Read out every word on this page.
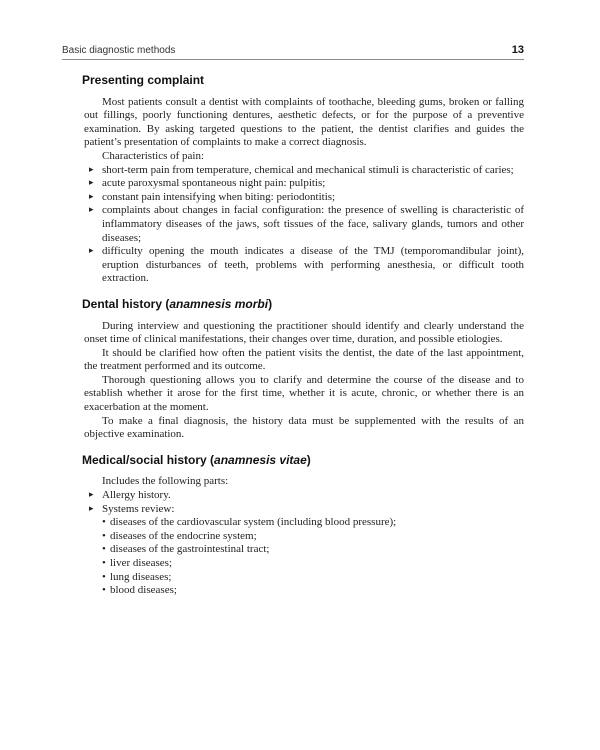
Basic diagnostic methods	13
Presenting complaint

Most patients consult a dentist with complaints of toothache, bleeding gums, broken or falling out fillings, poorly functioning dentures, aesthetic defects, or for the purpose of a preventive examination. By asking targeted questions to the patient, the dentist clarifies and guides the patient’s presentation of complaints to make a correct diagnosis.

Characteristics of pain:

▸ short-term pain from temperature, chemical and mechanical stimuli is characteristic of caries;
▸ acute paroxysmal spontaneous night pain: pulpitis;
▸ constant pain intensifying when biting: periodontitis;
▸ complaints about changes in facial configuration: the presence of swelling is characteristic of inflammatory diseases of the jaws, soft tissues of the face, salivary glands, tumors and other diseases;
▸ difficulty opening the mouth indicates a disease of the TMJ (temporomandibular joint), eruption disturbances of teeth, problems with performing anesthesia, or difficult tooth extraction.
Dental history (anamnesis morbi)

During interview and questioning the practitioner should identify and clearly understand the onset time of clinical manifestations, their changes over time, duration, and possible etiologies.

It should be clarified how often the patient visits the dentist, the date of the last appointment, the treatment performed and its outcome.

Thorough questioning allows you to clarify and determine the course of the disease and to establish whether it arose for the first time, whether it is acute, chronic, or whether there is an exacerbation at the moment.

To make a final diagnosis, the history data must be supplemented with the results of an objective examination.

Medical/social history (anamnesis vitae)

Includes the following parts:

▸ Allergy history.
▸ Systems review:
• diseases of the cardiovascular system (including blood pressure);
• diseases of the endocrine system;
• diseases of the gastrointestinal tract;
• liver diseases;
• lung diseases;
• blood diseases;
